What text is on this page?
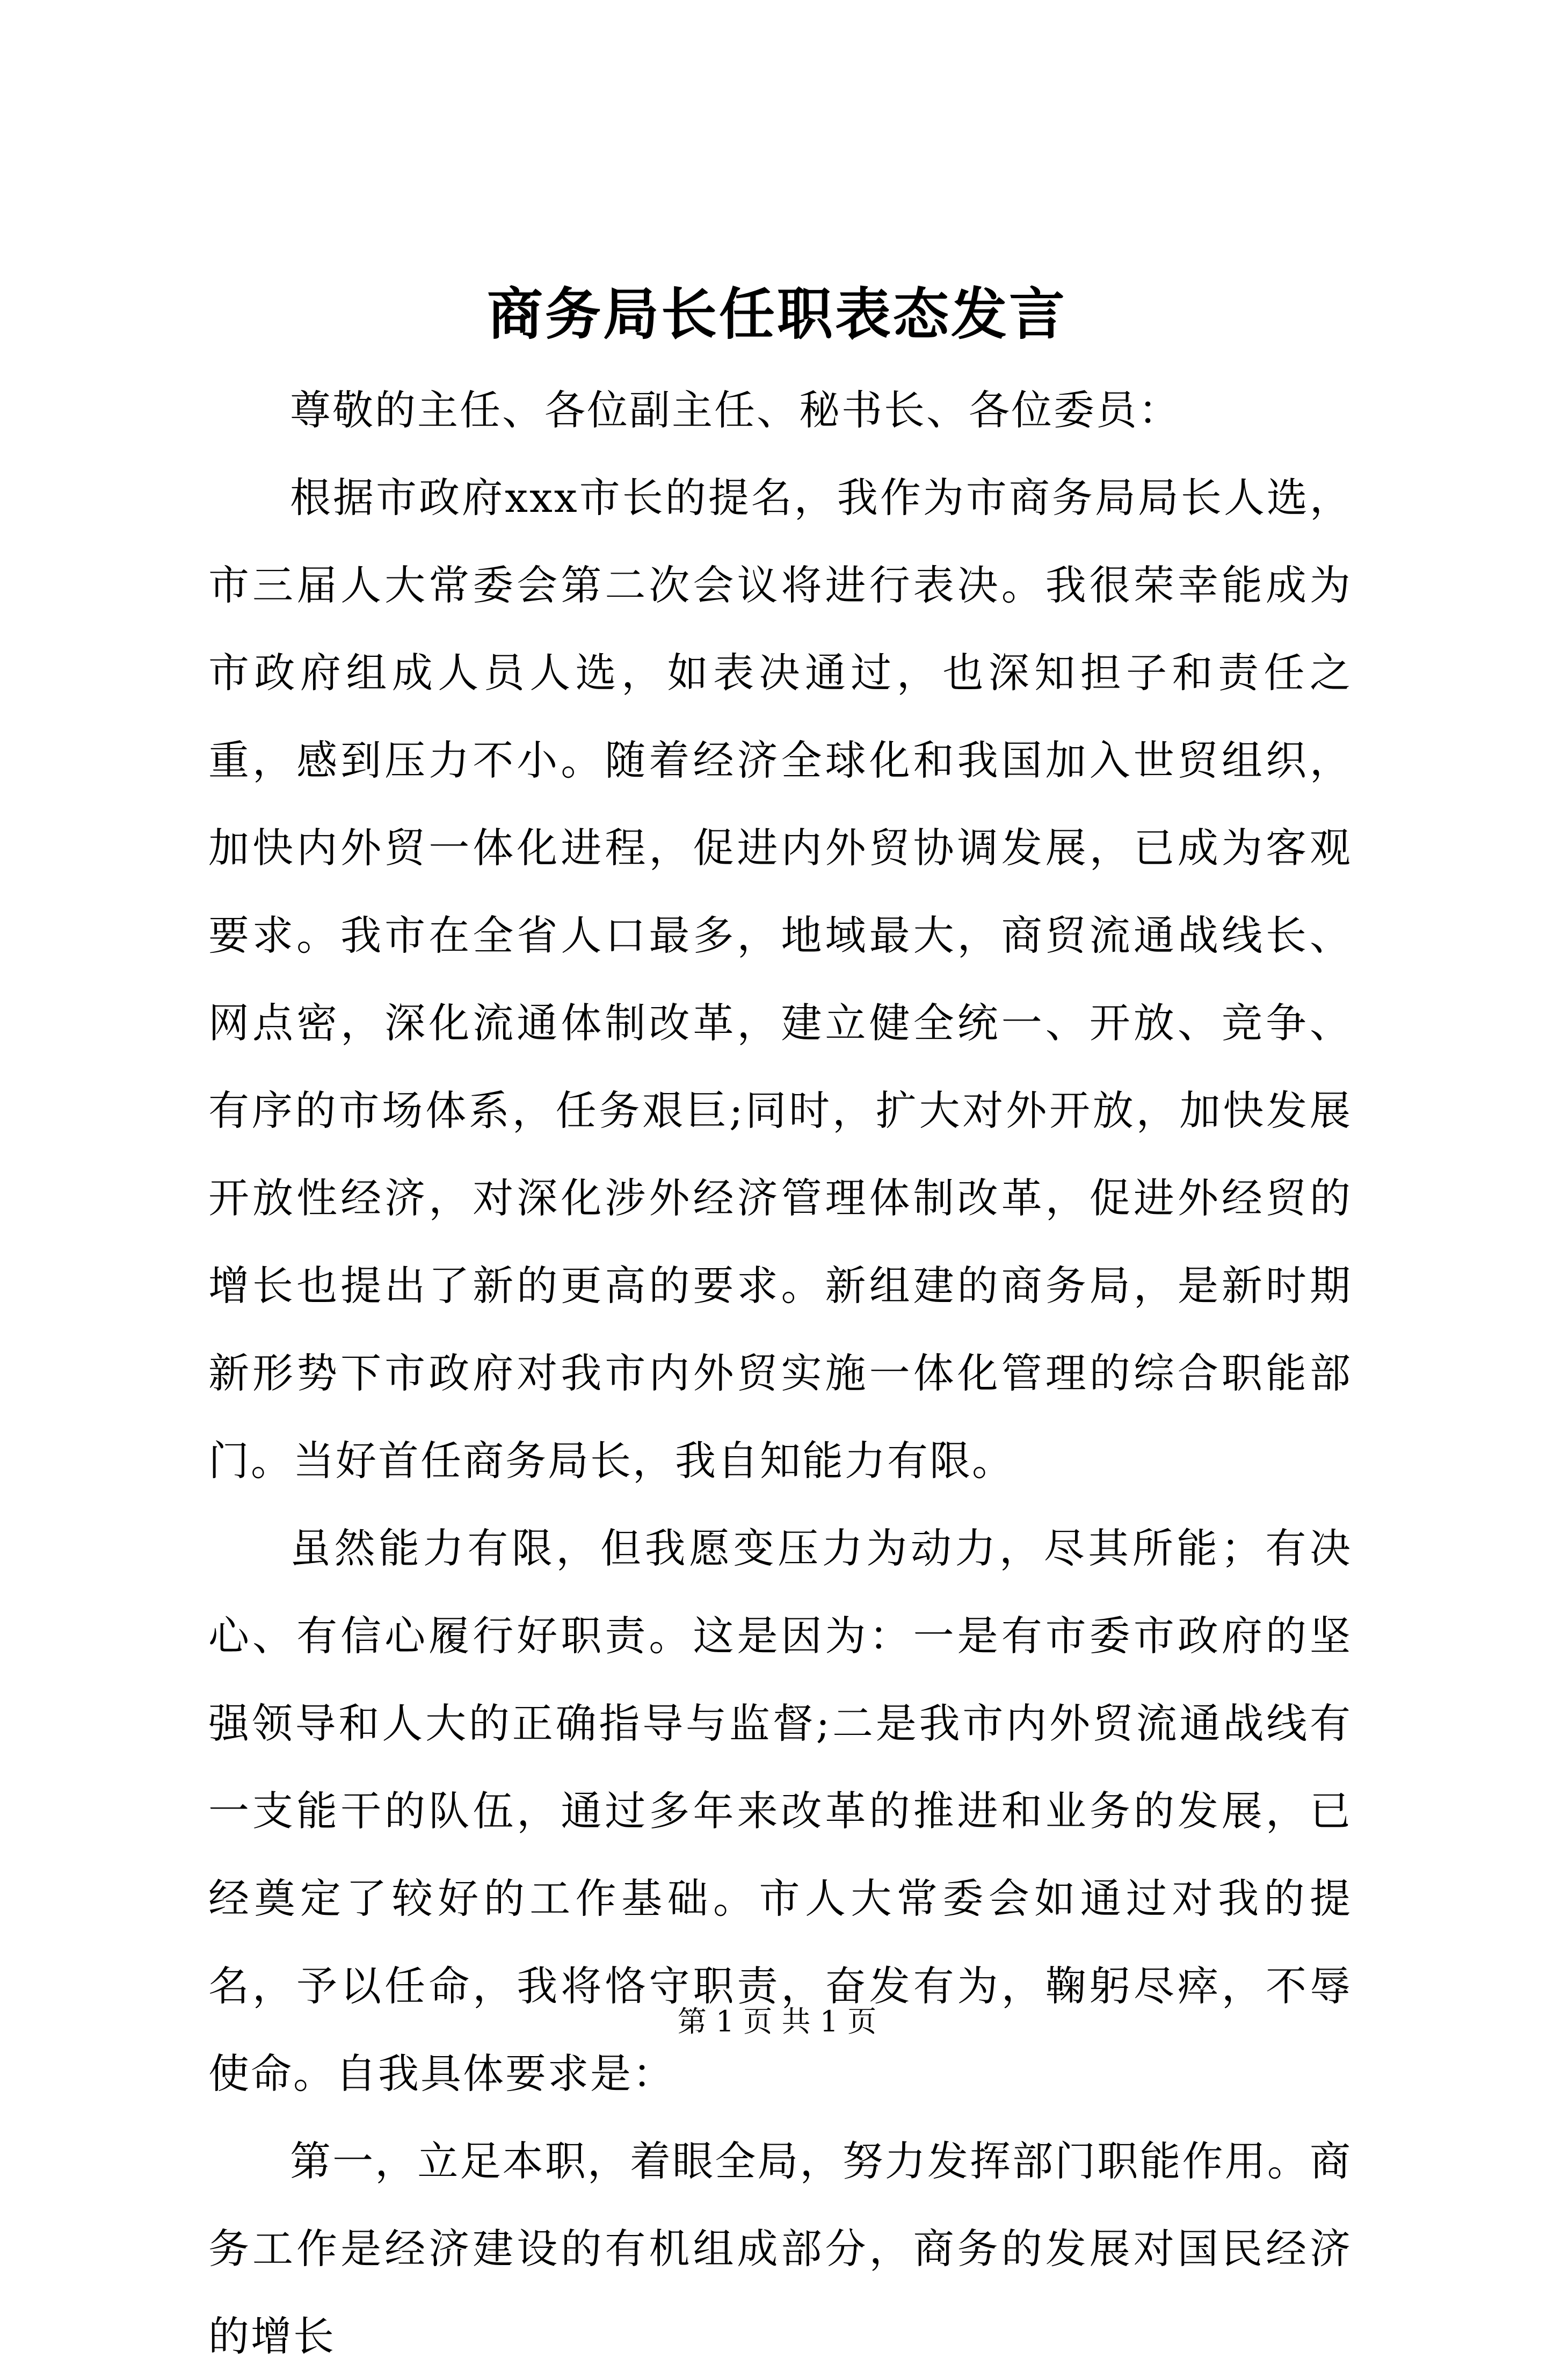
商务局长任职表态发言

尊敬的主任、各位副主任、秘书长、各位委员：

根据市政府xxx市长的提名，我作为市商务局局长人选，市三届人大常委会第二次会议将进行表决。我很荣幸能成为市政府组成人员人选，如表决通过，也深知担子和责任之重，感到压力不小。随着经济全球化和我国加入世贸组织，加快内外贸一体化进程，促进内外贸协调发展，已成为客观要求。我市在全省人口最多，地域最大，商贸流通战线长、网点密，深化流通体制改革，建立健全统一、开放、竞争、有序的市场体系，任务艰巨;同时，扩大对外开放，加快发展开放性经济，对深化涉外经济管理体制改革，促进外经贸的增长也提出了新的更高的要求。新组建的商务局，是新时期新形势下市政府对我市内外贸实施一体化管理的综合职能部门。当好首任商务局长，我自知能力有限。

虽然能力有限，但我愿变压力为动力，尽其所能；有决心、有信心履行好职责。这是因为：一是有市委市政府的坚强领导和人大的正确指导与监督;二是我市内外贸流通战线有一支能干的队伍，通过多年来改革的推进和业务的发展，已经奠定了较好的工作基础。市人大常委会如通过对我的提名，予以任命，我将恪守职责，奋发有为，鞠躬尽瘁，不辱使命。自我具体要求是：

第一，立足本职，着眼全局，努力发挥部门职能作用。商务工作是经济建设的有机组成部分，商务的发展对国民经济的增长

第 1 页 共 1 页
